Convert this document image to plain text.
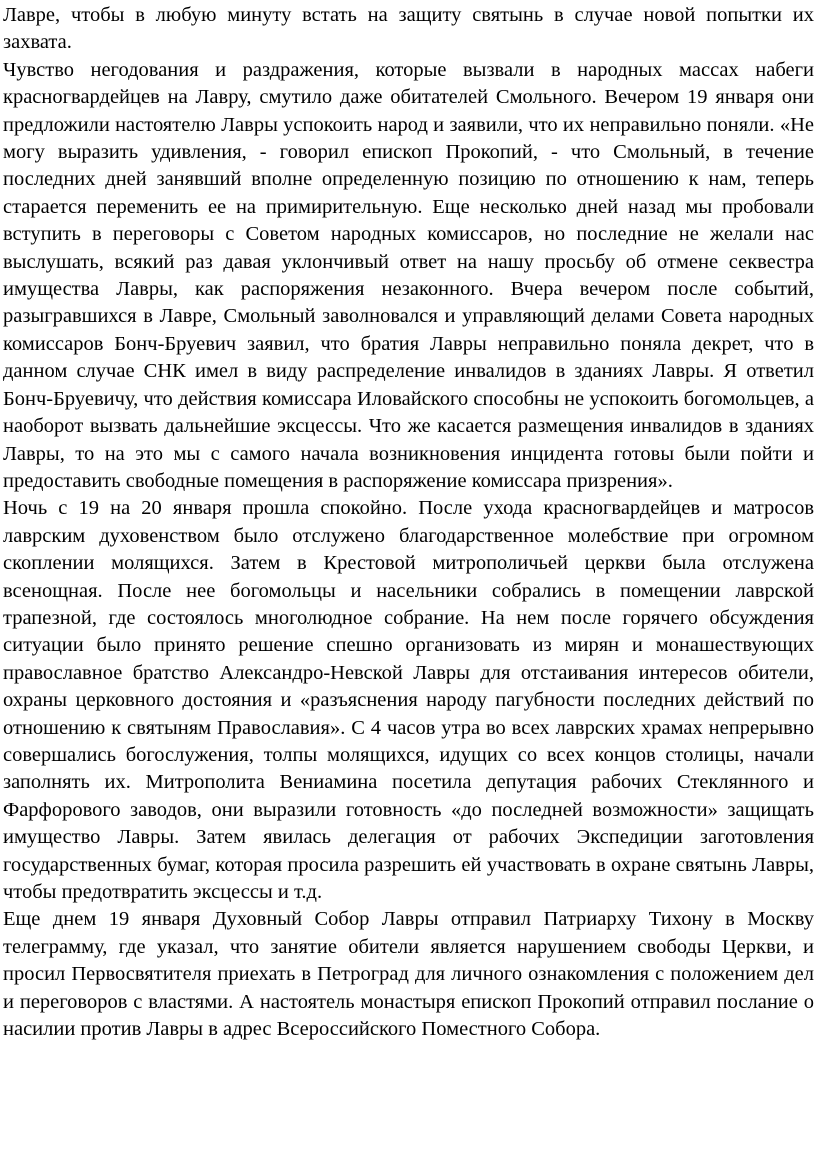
Лавре, чтобы в любую минуту встать на защиту святынь в случае новой попытки их захвата.

Чувство негодования и раздражения, которые вызвали в народных массах набеги красногвардейцев на Лавру, смутило даже обитателей Смольного. Вечером 19 января они предложили настоятелю Лавры успокоить народ и заявили, что их неправильно поняли. «Не могу выразить удивления, - говорил епископ Прокопий, - что Смольный, в течение последних дней занявший вполне определенную позицию по отношению к нам, теперь старается переменить ее на примирительную. Еще несколько дней назад мы пробовали вступить в переговоры с Советом народных комиссаров, но последние не желали нас выслушать, всякий раз давая уклончивый ответ на нашу просьбу об отмене секвестра имущества Лавры, как распоряжения незаконного. Вчера вечером после событий, разыгравшихся в Лавре, Смольный заволновался и управляющий делами Совета народных комиссаров Бонч-Бруевич заявил, что братия Лавры неправильно поняла декрет, что в данном случае СНК имел в виду распределение инвалидов в зданиях Лавры. Я ответил Бонч-Бруевичу, что действия комиссара Иловайского способны не успокоить богомольцев, а наоборот вызвать дальнейшие эксцессы. Что же касается размещения инвалидов в зданиях Лавры, то на это мы с самого начала возникновения инцидента готовы были пойти и предоставить свободные помещения в распоряжение комиссара призрения».

Ночь с 19 на 20 января прошла спокойно. После ухода красногвардейцев и матросов лаврским духовенством было отслужено благодарственное молебствие при огромном скоплении молящихся. Затем в Крестовой митрополичьей церкви была отслужена всенощная. После нее богомольцы и насельники собрались в помещении лаврской трапезной, где состоялось многолюдное собрание. На нем после горячего обсуждения ситуации было принято решение спешно организовать из мирян и монашествующих православное братство Александро-Невской Лавры для отстаивания интересов обители, охраны церковного достояния и «разъяснения народу пагубности последних действий по отношению к святыням Православия». С 4 часов утра во всех лаврских храмах непрерывно совершались богослужения, толпы молящихся, идущих со всех концов столицы, начали заполнять их. Митрополита Вениамина посетила депутация рабочих Стеклянного и Фарфорового заводов, они выразили готовность «до последней возможности» защищать имущество Лавры. Затем явилась делегация от рабочих Экспедиции заготовления государственных бумаг, которая просила разрешить ей участвовать в охране святынь Лавры, чтобы предотвратить эксцессы и т.д.

Еще днем 19 января Духовный Собор Лавры отправил Патриарху Тихону в Москву телеграмму, где указал, что занятие обители является нарушением свободы Церкви, и просил Первосвятителя приехать в Петроград для личного ознакомления с положением дел и переговоров с властями. А настоятель монастыря епископ Прокопий отправил послание о насилии против Лавры в адрес Всероссийского Поместного Собора.
